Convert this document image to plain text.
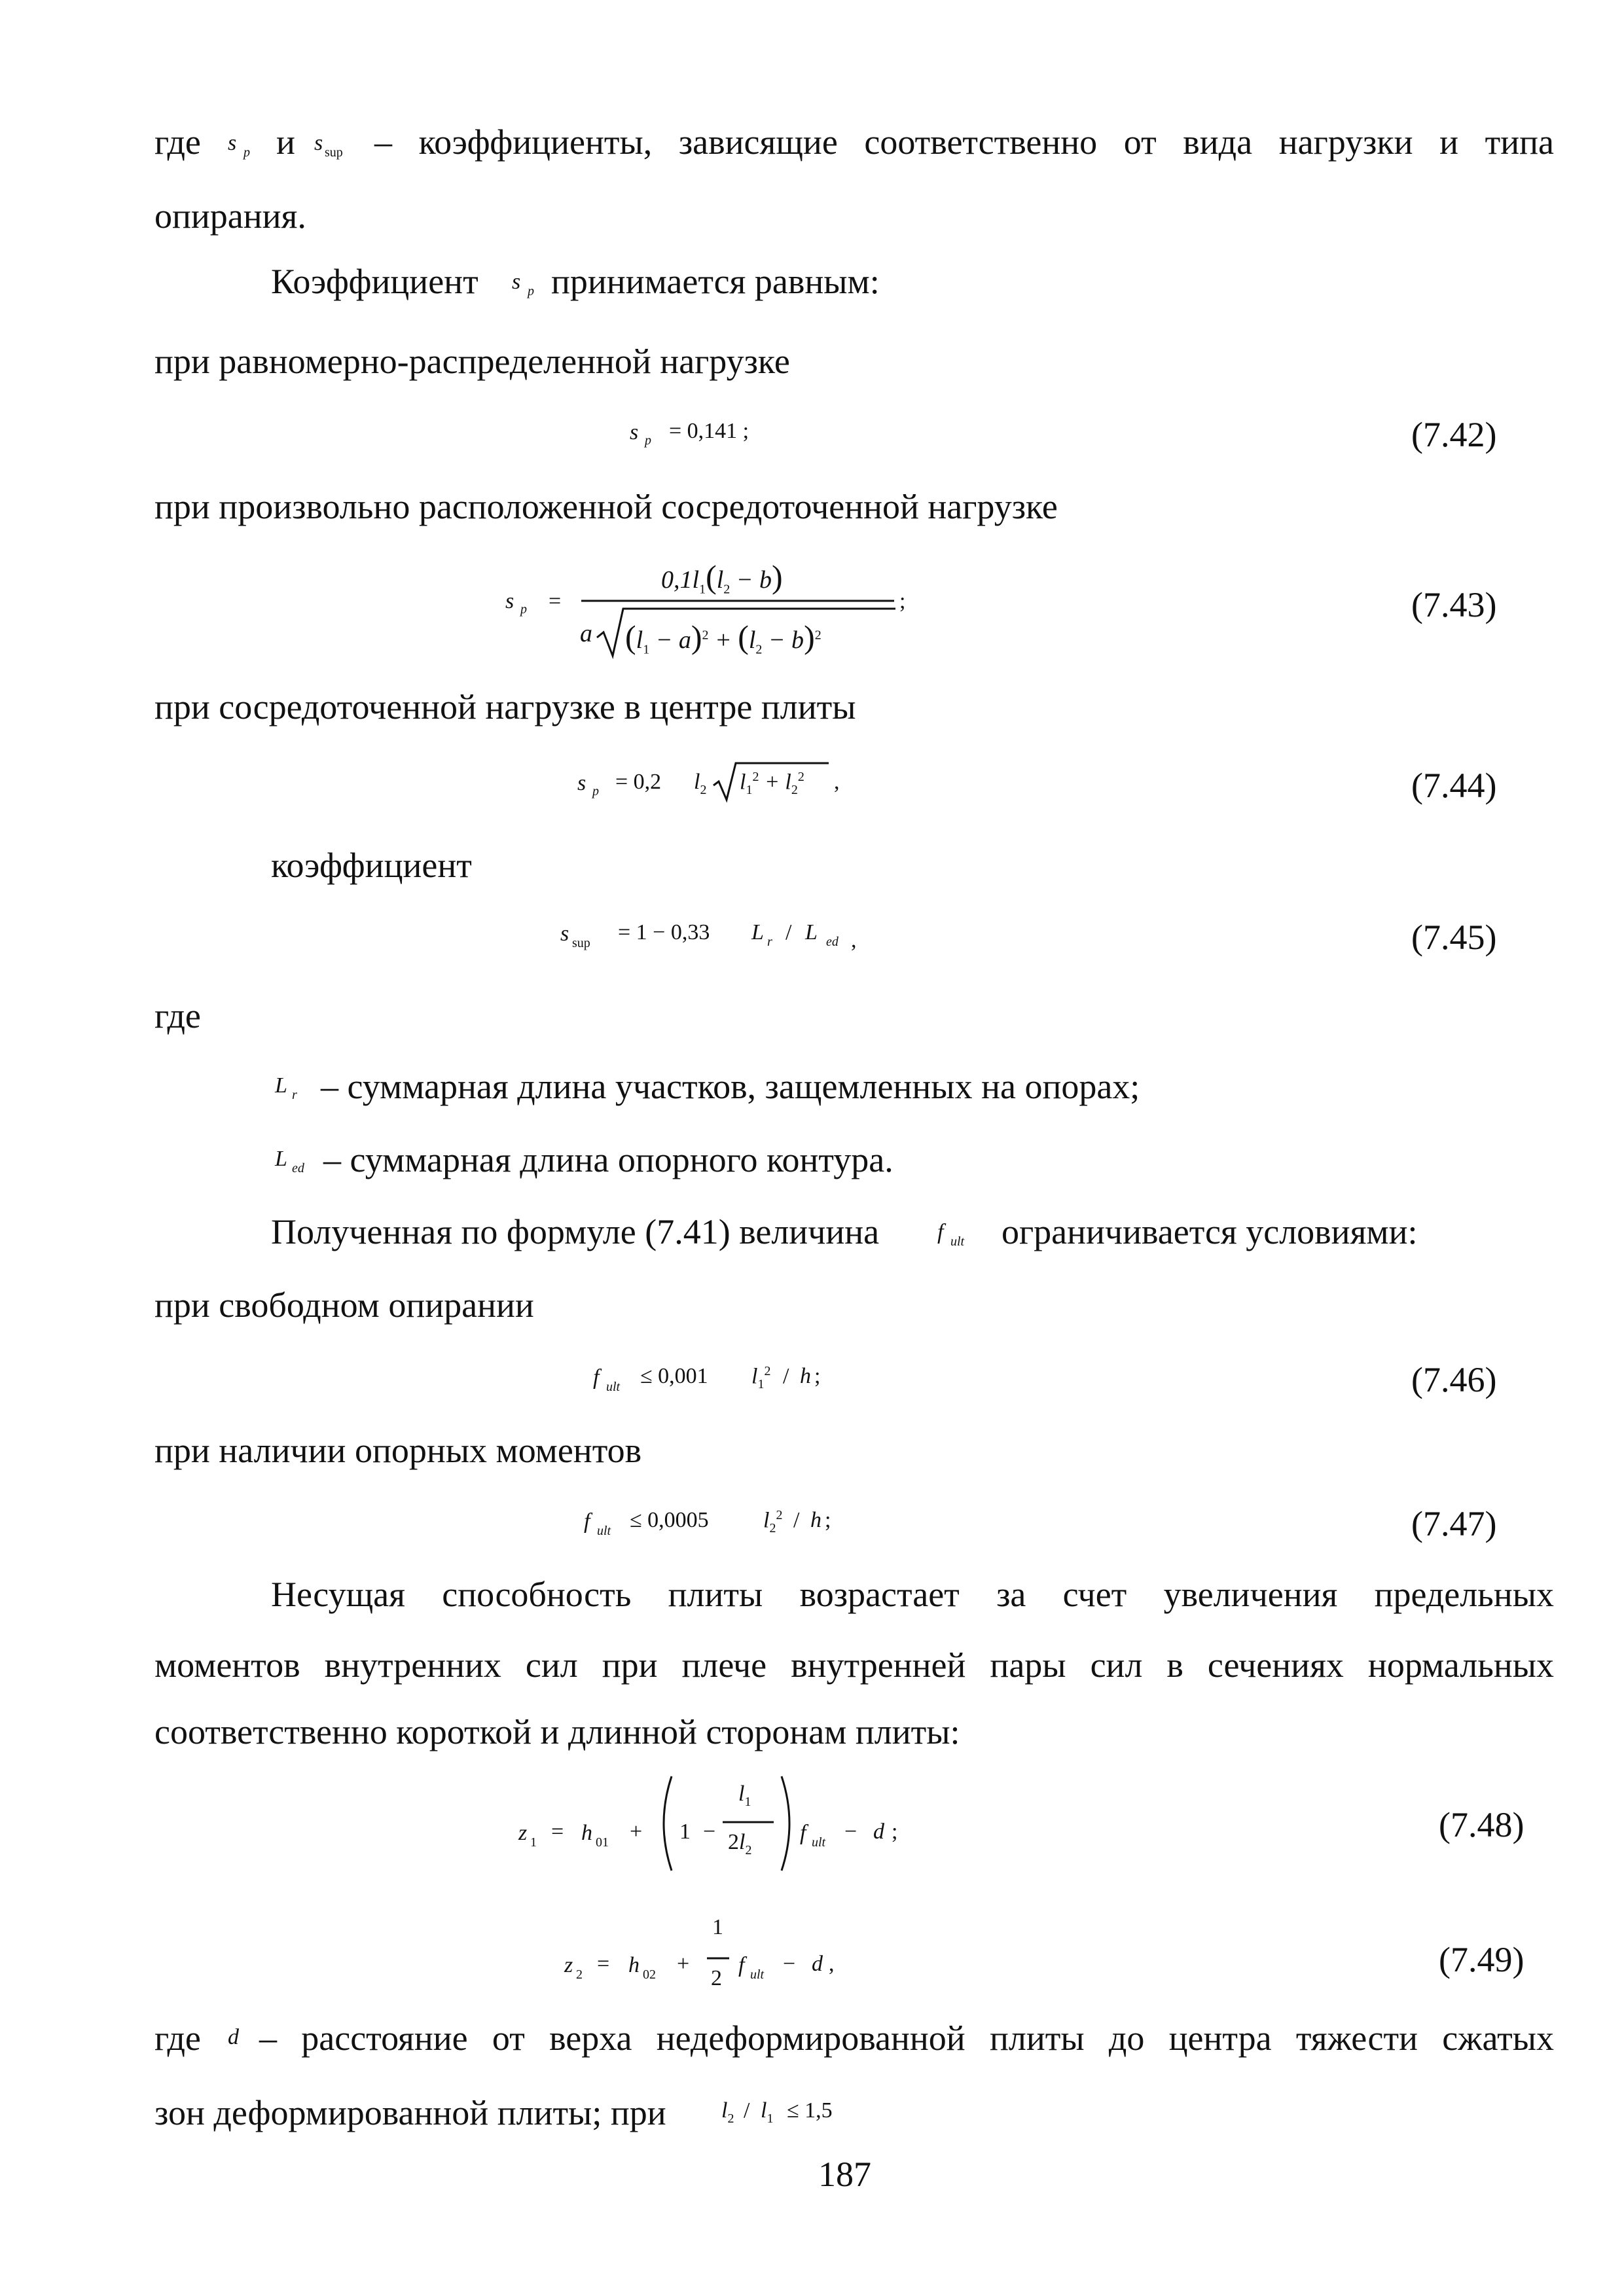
где s p и s sup – коэффициенты, зависящие соответственно от вида нагрузки и типа
опирания.
Коэффициент s p принимается равным:
при равномерно-распределенной нагрузке
s p = 0,141 ;	(7.42)
при произвольно расположенной сосредоточенной нагрузке
s p =
$0,1l_1(l_2 - b)$
a $(l_1 - a)^2 + (l_2 - b)^2$
;	(7.43)
при сосредоточенной нагрузке в центре плиты
s p = 0,2 $l_2$ $l_1^2 + l_2^2$ ,	(7.44)
коэффициент
s sup = 1 − 0,33 L r / L ed ,	(7.45)
где
L r – суммарная длина участков, защемленных на опорах;
L ed – суммарная длина опорного контура.
Полученная по формуле (7.41) величина	f ult ограничивается условиями:
при свободном опирании
f ult ≤ 0,001 $l_1^2$ / h ;	(7.46)
при наличии опорных моментов
f ult ≤ 0,0005 $l_2^2$ / h ;	(7.47)
Несущая способность плиты возрастает за счет увеличения предельных
моментов внутренних сил при плече внутренней пары сил в сечениях нормальных
соответственно короткой и длинной сторонам плиты:
z 1 = h 01 + 1 −
$l_1$
$2l_2$
f ult − d ;	(7.48)
z 2 = h 02 +
1
2
f ult − d ,	(7.49)
где d – расстояние от верха недеформированной плиты до центра тяжести сжатых
зон деформированной плиты; при $l_2 / l_1 \le 1,5$
187
